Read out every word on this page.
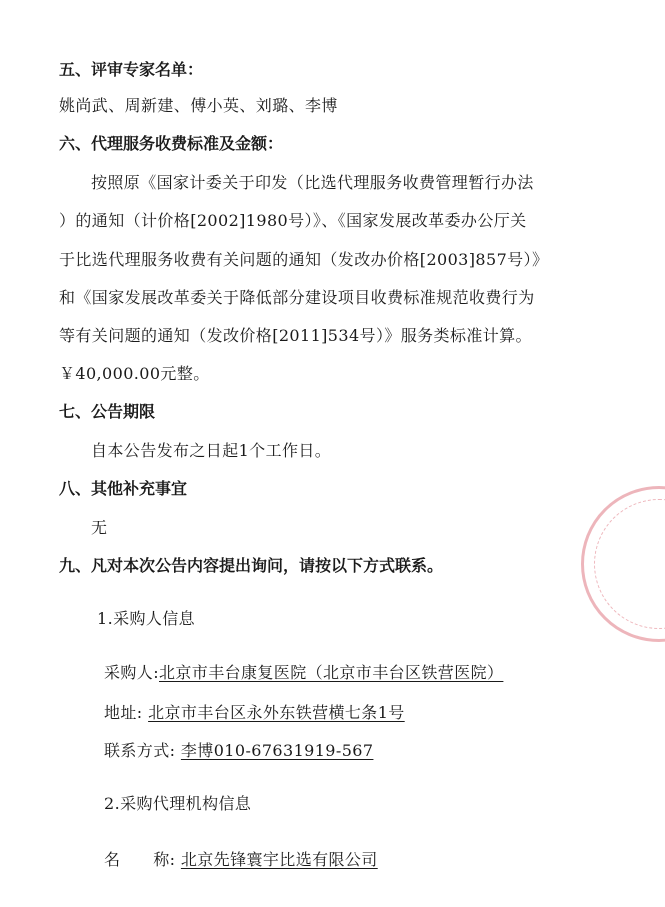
五、评审专家名单：
姚尚武、周新建、傅小英、刘璐、李博
六、代理服务收费标准及金额：
按照原《国家计委关于印发（比选代理服务收费管理暂行办法
）的通知（计价格[2002]1980号）》、《国家发展改革委办公厅关
于比选代理服务收费有关问题的通知（发改办价格[2003]857号）》
和《国家发展改革委关于降低部分建设项目收费标准规范收费行为
等有关问题的通知（发改价格[2011]534号）》服务类标准计算。
￥40,000.00元整。
七、公告期限
自本公告发布之日起1个工作日。
八、其他补充事宜
无
九、凡对本次公告内容提出询问，请按以下方式联系。
1.采购人信息
采购人:北京市丰台康复医院（北京市丰台区铁营医院）
地址: 北京市丰台区永外东铁营横七条1号
联系方式: 李博010-67631919-567
2.采购代理机构信息
名　　称: 北京先锋寰宇比选有限公司
